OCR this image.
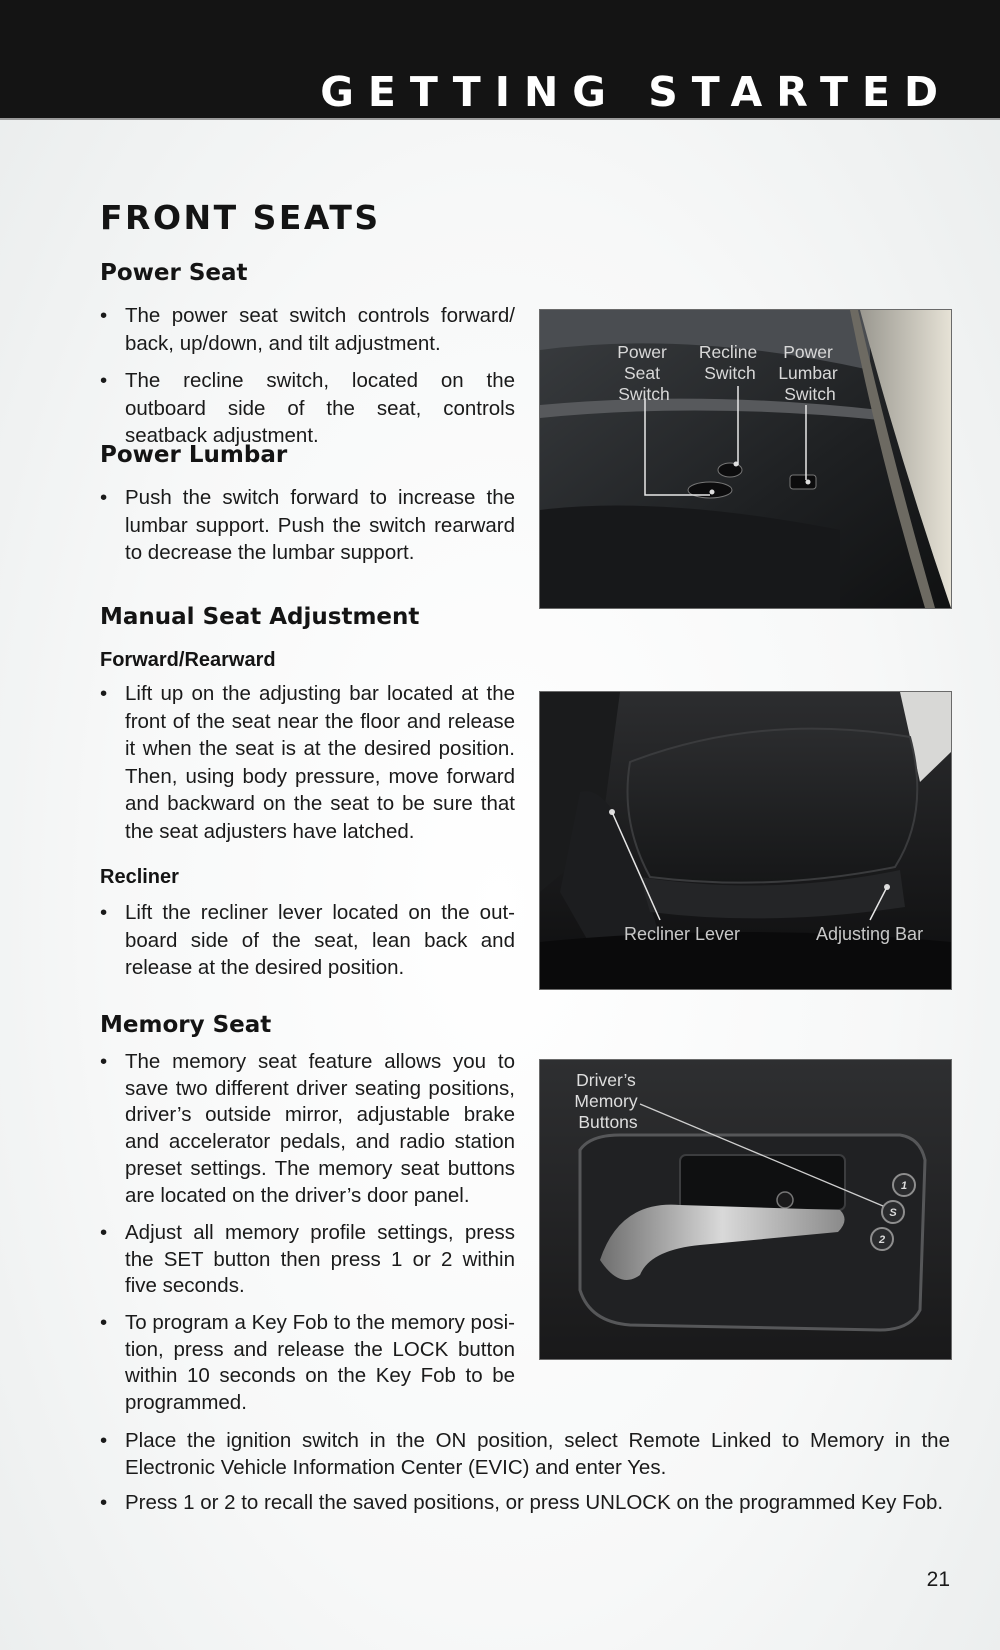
GETTING STARTED
FRONT SEATS
Power Seat
• The power seat switch controls forward/ back, up/down, and tilt adjustment.
• The recline switch, located on the outboard side of the seat, controls seatback adjustment.
Power Lumbar
• Push the switch forward to increase the lumbar support. Push the switch rearward to decrease the lumbar support.
Manual Seat Adjustment
Forward/Rearward
• Lift up on the adjusting bar located at the front of the seat near the floor and release it when the seat is at the desired position. Then, using body pressure, move forward and backward on the seat to be sure that the seat adjusters have latched.
Recliner
• Lift the recliner lever located on the outboard side of the seat, lean back and release at the desired position.
Memory Seat
• The memory seat feature allows you to save two different driver seating positions, driver’s outside mirror, adjustable brake and accelerator pedals, and radio station preset settings. The memory seat buttons are located on the driver’s door panel.
• Adjust all memory profile settings, press the SET button then press 1 or 2 within five seconds.
• To program a Key Fob to the memory position, press and release the LOCK button within 10 seconds on the Key Fob to be programmed.
• Place the ignition switch in the ON position, select Remote Linked to Memory in the Electronic Vehicle Information Center (EVIC) and enter Yes.
• Press 1 or 2 to recall the saved positions, or press UNLOCK on the programmed Key Fob.
Power
Seat
Switch
Recline
Switch
Power
Lumbar
Switch
Recliner Lever	Adjusting Bar
1
S
2
Driver’s
Memory
Buttons
21
